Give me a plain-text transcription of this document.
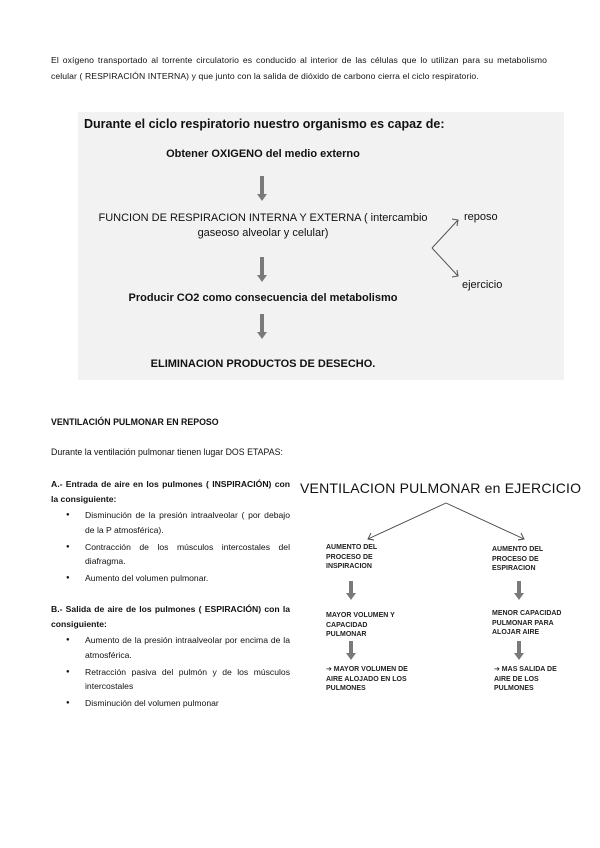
El oxígeno transportado al torrente circulatorio es conducido al interior de las células que lo utilizan para su metabolismo celular ( RESPIRACIÓN INTERNA) y que junto con la salida de dióxido de carbono cierra el ciclo respiratorio.
Durante el ciclo respiratorio nuestro organismo es capaz de:
Obtener OXIGENO del medio externo
FUNCION DE RESPIRACION INTERNA Y EXTERNA ( intercambio
gaseoso alveolar y celular)
reposo
ejercicio
Producir CO2 como consecuencia del metabolismo
ELIMINACION PRODUCTOS DE DESECHO.
VENTILACIÓN PULMONAR EN REPOSO
Durante la ventilación pulmonar tienen lugar DOS ETAPAS:
A.- Entrada de aire en los pulmones ( INSPIRACIÓN) con la consiguiente:
● Disminución de la presión intraalveolar ( por debajo de la P atmosférica).
● Contracción de los músculos intercostales del diafragma.
● Aumento del volumen pulmonar.
B.- Salida de aire de los pulmones ( ESPIRACIÓN) con la consiguiente:
● Aumento de la presión intraalveolar por encima de la atmosférica.
● Retracción pasiva del pulmón y de los músculos intercostales
● Disminución del volumen pulmonar
VENTILACION PULMONAR en EJERCICIO
AUMENTO DEL PROCESO DE INSPIRACION
MAYOR VOLUMEN Y CAPACIDAD PULMONAR
➔ MAYOR VOLUMEN DE AIRE ALOJADO EN LOS PULMONES
AUMENTO DEL PROCESO DE ESPIRACION
MENOR CAPACIDAD PULMONAR PARA ALOJAR AIRE
➔ MAS SALIDA DE AIRE DE LOS PULMONES
